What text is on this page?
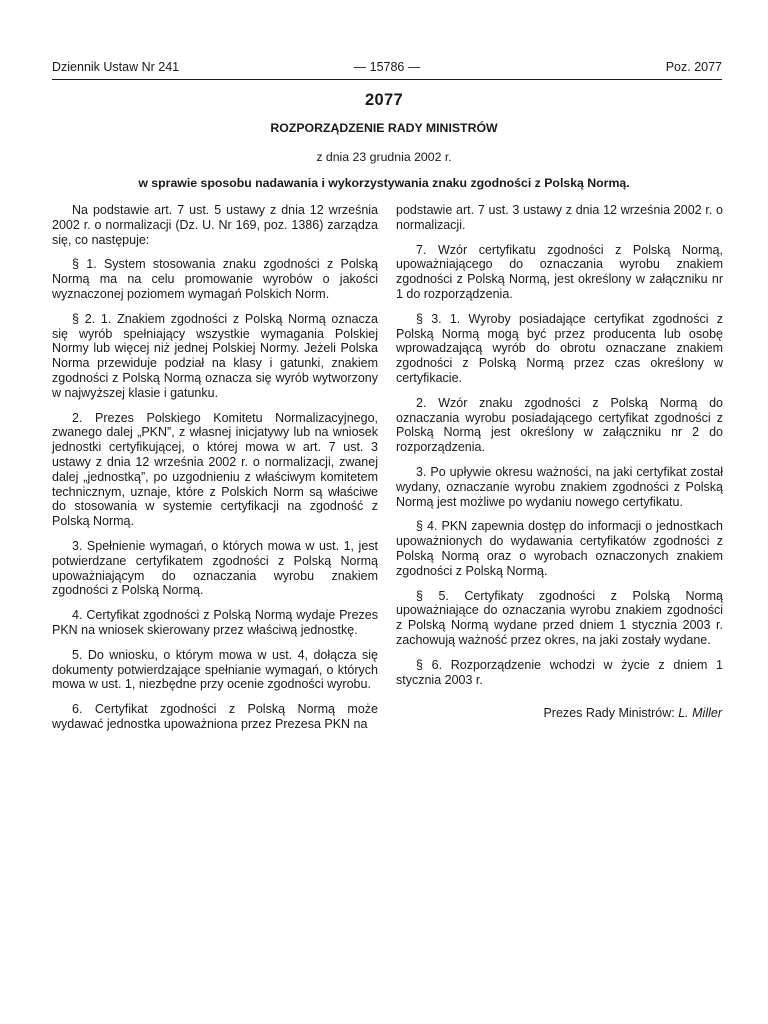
Dziennik Ustaw Nr 241	— 15786 —	Poz. 2077
2077
ROZPORZĄDZENIE RADY MINISTRÓW
z dnia 23 grudnia 2002 r.
w sprawie sposobu nadawania i wykorzystywania znaku zgodności z Polską Normą.

Na podstawie art. 7 ust. 5 ustawy z dnia 12 września 2002 r. o normalizacji (Dz. U. Nr 169, poz. 1386) zarządza się, co następuje:

§ 1. System stosowania znaku zgodności z Polską Normą ma na celu promowanie wyrobów o jakości wyznaczonej poziomem wymagań Polskich Norm.

§ 2. 1. Znakiem zgodności z Polską Normą oznacza się wyrób spełniający wszystkie wymagania Polskiej Normy lub więcej niż jednej Polskiej Normy. Jeżeli Polska Norma przewiduje podział na klasy i gatunki, znakiem zgodności z Polską Normą oznacza się wyrób wytworzony w najwyższej klasie i gatunku.

2. Prezes Polskiego Komitetu Normalizacyjnego, zwanego dalej „PKN”, z własnej inicjatywy lub na wniosek jednostki certyfikującej, o której mowa w art. 7 ust. 3 ustawy z dnia 12 września 2002 r. o normalizacji, zwanej dalej „jednostką”, po uzgodnieniu z właściwym komitetem technicznym, uznaje, które z Polskich Norm są właściwe do stosowania w systemie certyfikacji na zgodność z Polską Normą.

3. Spełnienie wymagań, o których mowa w ust. 1, jest potwierdzane certyfikatem zgodności z Polską Normą upoważniającym do oznaczania wyrobu znakiem zgodności z Polską Normą.

4. Certyfikat zgodności z Polską Normą wydaje Prezes PKN na wniosek skierowany przez właściwą jednostkę.

5. Do wniosku, o którym mowa w ust. 4, dołącza się dokumenty potwierdzające spełnianie wymagań, o których mowa w ust. 1, niezbędne przy ocenie zgodności wyrobu.

6. Certyfikat zgodności z Polską Normą może wydawać jednostka upoważniona przez Prezesa PKN na

podstawie art. 7 ust. 3 ustawy z dnia 12 września 2002 r. o normalizacji.

7. Wzór certyfikatu zgodności z Polską Normą, upoważniającego do oznaczania wyrobu znakiem zgodności z Polską Normą, jest określony w załączniku nr 1 do rozporządzenia.

§ 3. 1. Wyroby posiadające certyfikat zgodności z Polską Normą mogą być przez producenta lub osobę wprowadzającą wyrób do obrotu oznaczane znakiem zgodności z Polską Normą przez czas określony w certyfikacie.

2. Wzór znaku zgodności z Polską Normą do oznaczania wyrobu posiadającego certyfikat zgodności z Polską Normą jest określony w załączniku nr 2 do rozporządzenia.

3. Po upływie okresu ważności, na jaki certyfikat został wydany, oznaczanie wyrobu znakiem zgodności z Polską Normą jest możliwe po wydaniu nowego certyfikatu.

§ 4. PKN zapewnia dostęp do informacji o jednostkach upoważnionych do wydawania certyfikatów zgodności z Polską Normą oraz o wyrobach oznaczonych znakiem zgodności z Polską Normą.

§ 5. Certyfikaty zgodności z Polską Normą upoważniające do oznaczania wyrobu znakiem zgodności z Polską Normą wydane przed dniem 1 stycznia 2003 r. zachowują ważność przez okres, na jaki zostały wydane.

§ 6. Rozporządzenie wchodzi w życie z dniem 1 stycznia 2003 r.

Prezes Rady Ministrów: L. Miller
